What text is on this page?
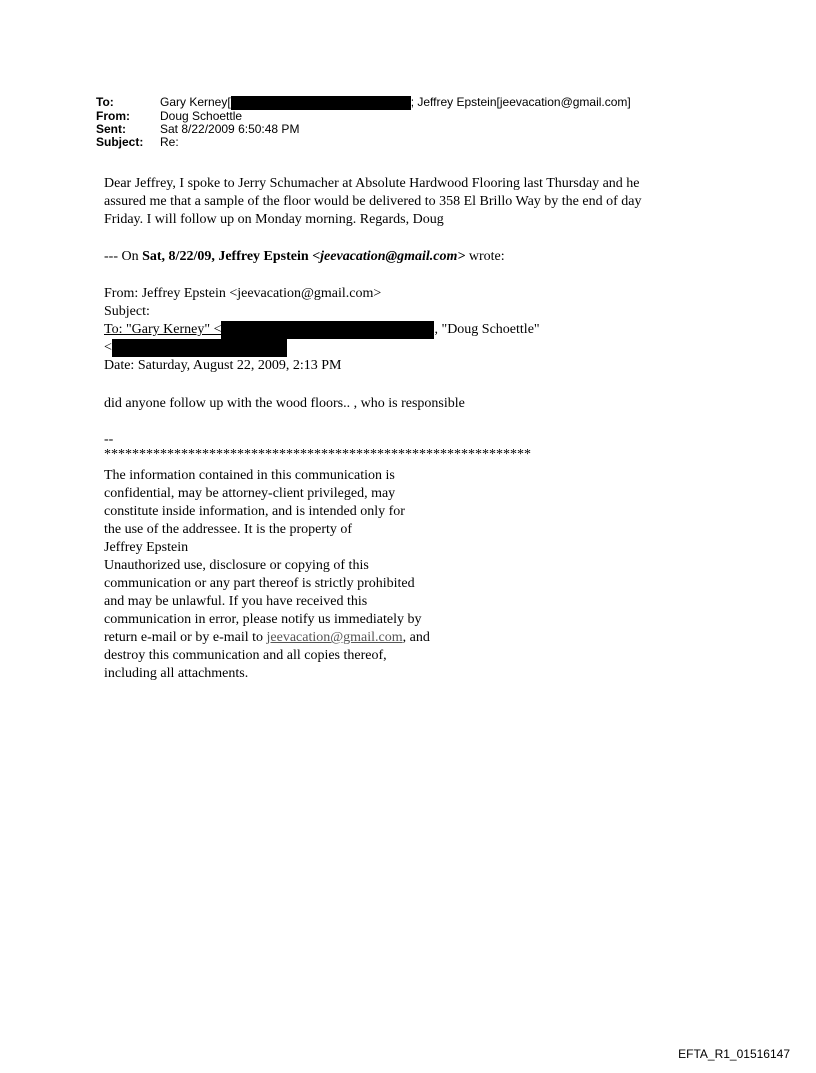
To:	Gary Kerney[	; Jeffrey Epstein[jeevacation@gmail.com]
From:	Doug Schoettle
Sent:	Sat 8/22/2009 6:50:48 PM
Subject:	Re:
Dear Jeffrey, I spoke to Jerry Schumacher at Absolute Hardwood Flooring last Thursday and he
assured me that a sample of the floor would be delivered to 358 El Brillo Way by the end of day
Friday. I will follow up on Monday morning. Regards, Doug
--- On Sat, 8/22/09, Jeffrey Epstein <jeevacation@gmail.com> wrote:
From: Jeffrey Epstein <jeevacation@gmail.com>
Subject:
To: "Gary Kerney" <	, "Doug Schoettle"
<
Date: Saturday, August 22, 2009, 2:13 PM
did anyone follow up with the wood floors.. , who is responsible
--
*************************************************************
The information contained in this communication is
confidential, may be attorney-client privileged, may
constitute inside information, and is intended only for
the use of the addressee. It is the property of
Jeffrey Epstein
Unauthorized use, disclosure or copying of this
communication or any part thereof is strictly prohibited
and may be unlawful. If you have received this
communication in error, please notify us immediately by
return e-mail or by e-mail to jeevacation@gmail.com, and
destroy this communication and all copies thereof,
including all attachments.
EFTA_R1_01516147
